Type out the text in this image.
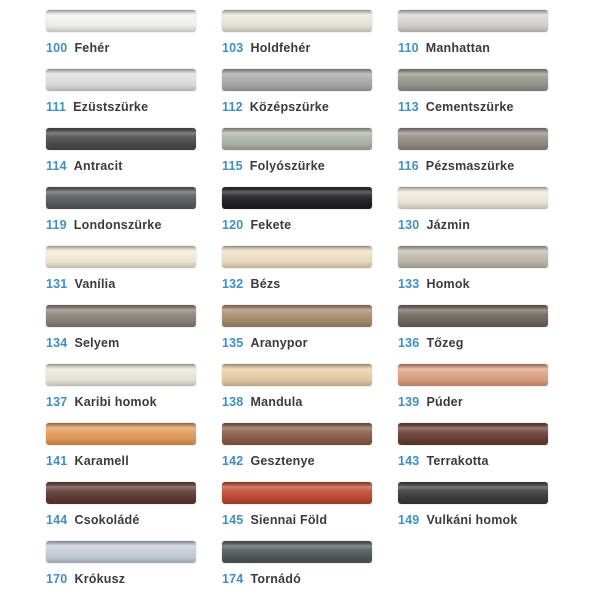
100 Fehér	103 Holdfehér	110 Manhattan
111 Ezüstszürke	112 Középszürke	113 Cementszürke
114 Antracit	115 Folyószürke	116 Pézsmaszürke
119 Londonszürke	120 Fekete	130 Jázmin
131 Vanília	132 Bézs	133 Homok
134 Selyem	135 Aranypor	136 Tőzeg
137 Karibi homok	138 Mandula	139 Púder
141 Karamell	142 Gesztenye	143 Terrakotta
144 Csokoládé	145 Siennai Föld	149 Vulkáni homok
170 Krókusz	174 Tornádó
